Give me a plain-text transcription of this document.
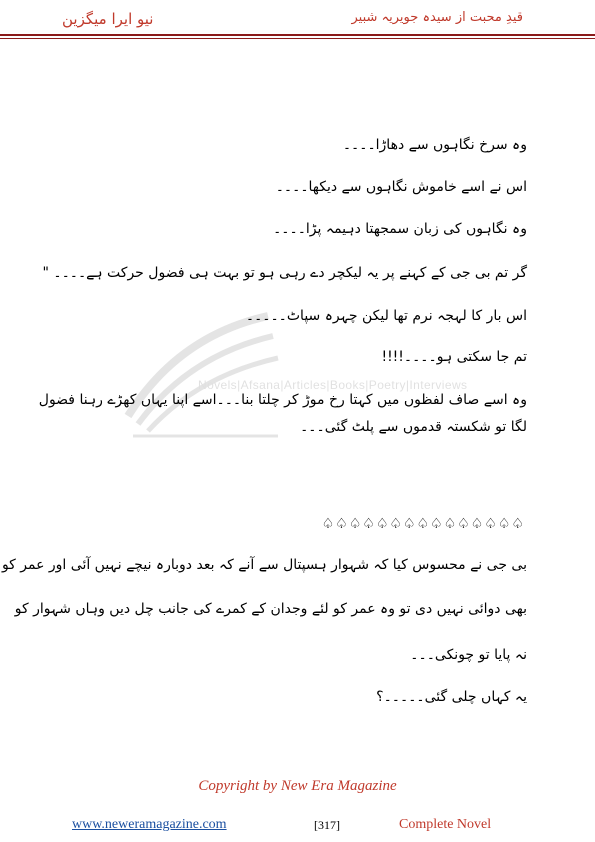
نیو ایرا میگزین	قیدِ محبت از سیدہ جویریہ شبیر
Novels|Afsana|Articles|Books|Poetry|Interviews
وہ سرخ نگاہوں سے دھاڑا۔۔۔۔
اس نے اسے خاموش نگاہوں سے دیکھا۔۔۔۔
وہ نگاہوں کی زبان سمجھتا دہیمہ پڑا۔۔۔۔
گر تم بی جی کے کہنے پر یہ لیکچر دے رہی ہو تو بہت ہی فضول حرکت ہے۔۔۔۔ "
اس بار کا لہجہ نرم تھا لیکن چہرہ سپاٹ۔۔۔۔۔
تم جا سکتی ہو۔۔۔۔!!!!
وہ اسے صاف لفظوں میں کہتا رخ موڑ کر چلتا بنا۔۔۔اسے اپنا یہاں کھڑے رہنا فضول
لگا تو شکستہ قدموں سے پلٹ گئی۔۔۔
♤♤♤♤♤♤♤♤♤♤♤♤♤♤♤
بی جی نے محسوس کیا کہ شہوار ہسپتال سے آنے کہ بعد دوبارہ نیچے نہیں آئی اور عمر کو
بھی دوائی نہیں دی تو وہ عمر کو لئے وجدان کے کمرے کی جانب چل دیں وہاں شہوار کو
نہ پایا تو چونکی۔۔۔
یہ کہاں چلی گئی۔۔۔۔۔؟
Copyright by New Era Magazine
www.neweramagazine.com	[317]	Complete Novel
